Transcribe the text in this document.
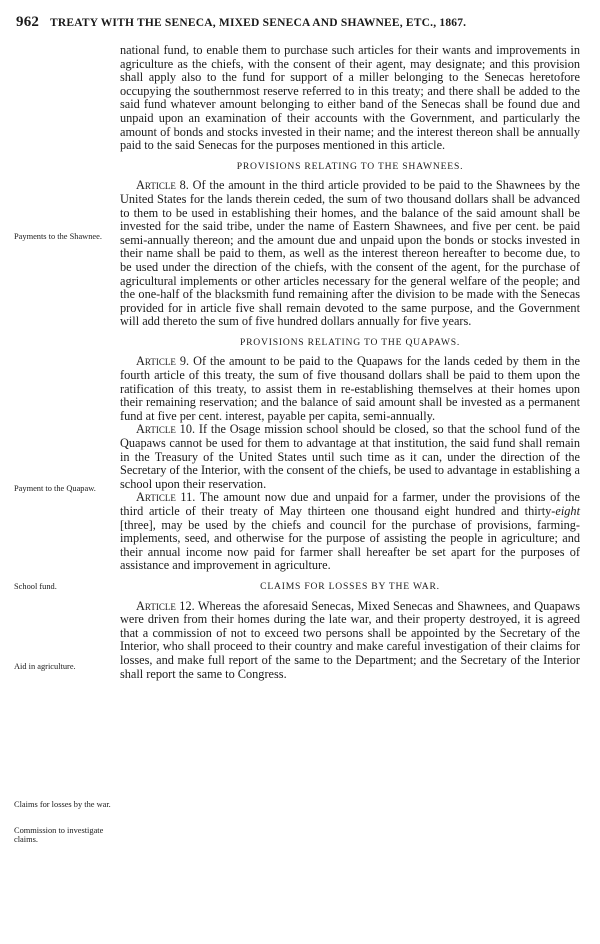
962 TREATY WITH THE SENECA, MIXED SENECA AND SHAWNEE, ETC., 1867.
Payments to the Shawnee.
Payment to the Quapaw.
School fund.
Aid in agriculture.
Claims for losses by the war.
Commission to investigate claims.

national fund, to enable them to purchase such articles for their wants and improvements in agriculture as the chiefs, with the consent of their agent, may designate; and this provision shall apply also to the fund for support of a miller belonging to the Senecas heretofore occupying the southernmost reserve referred to in this treaty; and there shall be added to the said fund whatever amount belonging to either band of the Senecas shall be found due and unpaid upon an examination of their accounts with the Government, and particularly the amount of bonds and stocks invested in their name; and the interest thereon shall be annually paid to the said Senecas for the purposes mentioned in this article.

PROVISIONS RELATING TO THE SHAWNEES.

Article 8. Of the amount in the third article provided to be paid to the Shawnees by the United States for the lands therein ceded, the sum of two thousand dollars shall be advanced to them to be used in establishing their homes, and the balance of the said amount shall be invested for the said tribe, under the name of Eastern Shawnees, and five per cent. be paid semi-annually thereon; and the amount due and unpaid upon the bonds or stocks invested in their name shall be paid to them, as well as the interest thereon hereafter to become due, to be used under the direction of the chiefs, with the consent of the agent, for the purchase of agricultural implements or other articles necessary for the general welfare of the people; and the one-half of the blacksmith fund remaining after the division to be made with the Senecas provided for in article five shall remain devoted to the same purpose, and the Government will add thereto the sum of five hundred dollars annually for five years.

PROVISIONS RELATING TO THE QUAPAWS.

Article 9. Of the amount to be paid to the Quapaws for the lands ceded by them in the fourth article of this treaty, the sum of five thousand dollars shall be paid to them upon the ratification of this treaty, to assist them in re-establishing themselves at their homes upon their remaining reservation; and the balance of said amount shall be invested as a permanent fund at five per cent. interest, payable per capita, semi-annually.

Article 10. If the Osage mission school should be closed, so that the school fund of the Quapaws cannot be used for them to advantage at that institution, the said fund shall remain in the Treasury of the United States until such time as it can, under the direction of the Secretary of the Interior, with the consent of the chiefs, be used to advantage in establishing a school upon their reservation.

Article 11. The amount now due and unpaid for a farmer, under the provisions of the third article of their treaty of May thirteen one thousand eight hundred and thirty-eight [three], may be used by the chiefs and council for the purchase of provisions, farming-implements, seed, and otherwise for the purpose of assisting the people in agriculture; and their annual income now paid for farmer shall hereafter be set apart for the purposes of assistance and improvement in agriculture.

CLAIMS FOR LOSSES BY THE WAR.

Article 12. Whereas the aforesaid Senecas, Mixed Senecas and Shawnees, and Quapaws were driven from their homes during the late war, and their property destroyed, it is agreed that a commission of not to exceed two persons shall be appointed by the Secretary of the Interior, who shall proceed to their country and make careful investigation of their claims for losses, and make full report of the same to the Department; and the Secretary of the Interior shall report the same to Congress.
